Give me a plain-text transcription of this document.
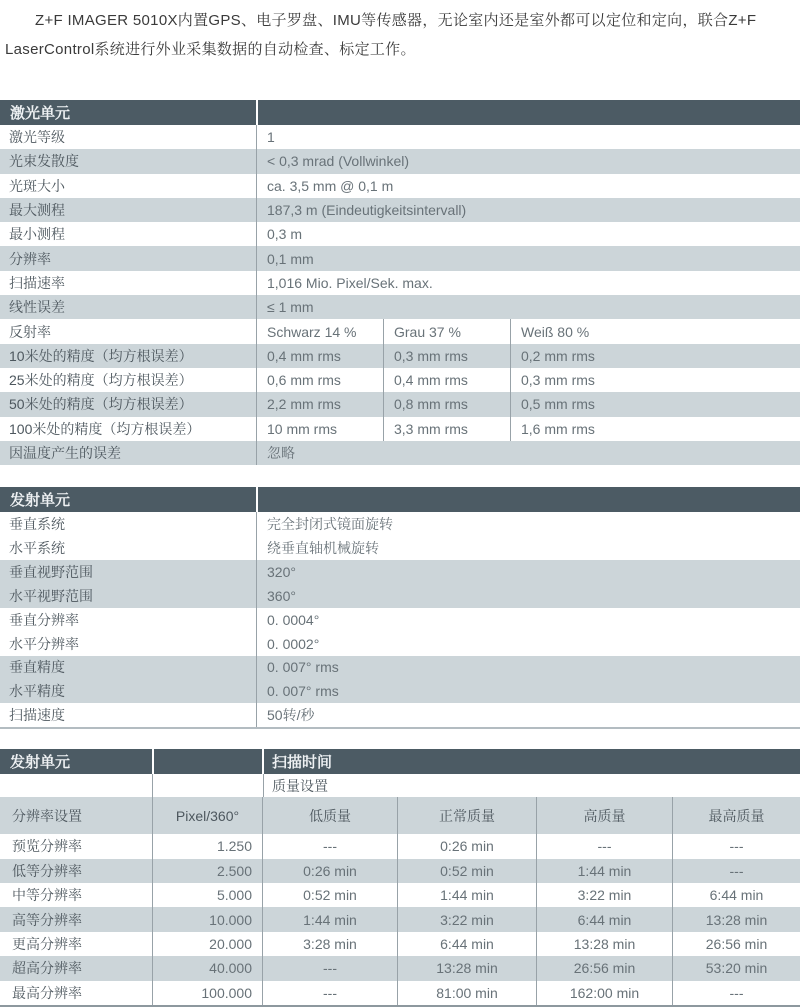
Z+F IMAGER 5010X内置GPS、电子罗盘、IMU等传感器，无论室内还是室外都可以定位和定向，联合Z+F LaserControl系统进行外业采集数据的自动检查、标定工作。

激光单元
激光等级	1
光束发散度	< 0,3 mrad (Vollwinkel)
光斑大小	ca. 3,5 mm @ 0,1 m
最大测程	187,3 m (Eindeutigkeitsintervall)
最小测程	0,3 m
分辨率	0,1 mm
扫描速率	1,016 Mio. Pixel/Sek. max.
线性误差	≤ 1 mm
反射率	Schwarz 14 %	Grau 37 %	Weiß 80 %
10米处的精度（均方根误差）	0,4 mm rms	0,3 mm rms	0,2 mm rms
25米处的精度（均方根误差）	0,6 mm rms	0,4 mm rms	0,3 mm rms
50米处的精度（均方根误差）	2,2 mm rms	0,8 mm rms	0,5 mm rms
100米处的精度（均方根误差）	10 mm rms	3,3 mm rms	1,6 mm rms
因温度产生的误差	忽略
发射单元
垂直系统	完全封闭式镜面旋转
水平系统	绕垂直轴机械旋转
垂直视野范围	320°
水平视野范围	360°
垂直分辨率	0. 0004°
水平分辨率	0. 0002°
垂直精度	0. 007° rms
水平精度	0. 007° rms
扫描速度	50转/秒
发射单元	扫描时间
质量设置
分辨率设置	Pixel/360°	低质量	正常质量	高质量	最高质量
预览分辨率	1.250	---	0:26 min	---	---
低等分辨率	2.500	0:26 min	0:52 min	1:44 min	---
中等分辨率	5.000	0:52 min	1:44 min	3:22 min	6:44 min
高等分辨率	10.000	1:44 min	3:22 min	6:44 min	13:28 min
更高分辨率	20.000	3:28 min	6:44 min	13:28 min	26:56 min
超高分辨率	40.000	---	13:28 min	26:56 min	53:20 min
最高分辨率	100.000	---	81:00 min	162:00 min	---
